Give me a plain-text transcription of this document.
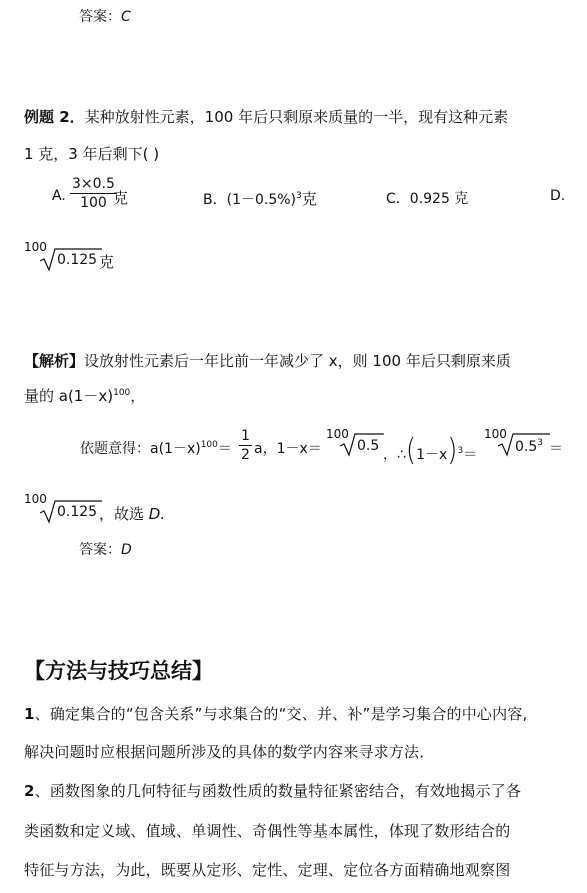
答案：C
例题 2．某种放射性元素，100 年后只剩原来质量的一半，现有这种元素
1 克，3 年后剩下( )
A.
3×0.5
100 克	B．$(1-0.5\%)^3$克	C．0.925 克	D.
100
0.125 克
【解析】设放射性元素后一年比前一年减少了 x，则 100 年后只剩原来质
量的 $a(1-x)^{100}$，
依题意得：$a(1-x)^{100}=$
1
2 a，1－x＝
100
0.5
，$\therefore(1-x)^3=$
100
$0.5^3$ ＝
100
0.125 ，故选 D.
答案：D
【方法与技巧总结】
1、确定集合的“包含关系”与求集合的“交、并、补”是学习集合的中心内容,
解决问题时应根据问题所涉及的具体的数学内容来寻求方法．
2、函数图象的几何特征与函数性质的数量特征紧密结合，有效地揭示了各
类函数和定义域、值域、单调性、奇偶性等基本属性，体现了数形结合的
特征与方法，为此，既要从定形、定性、定理、定位各方面精确地观察图
